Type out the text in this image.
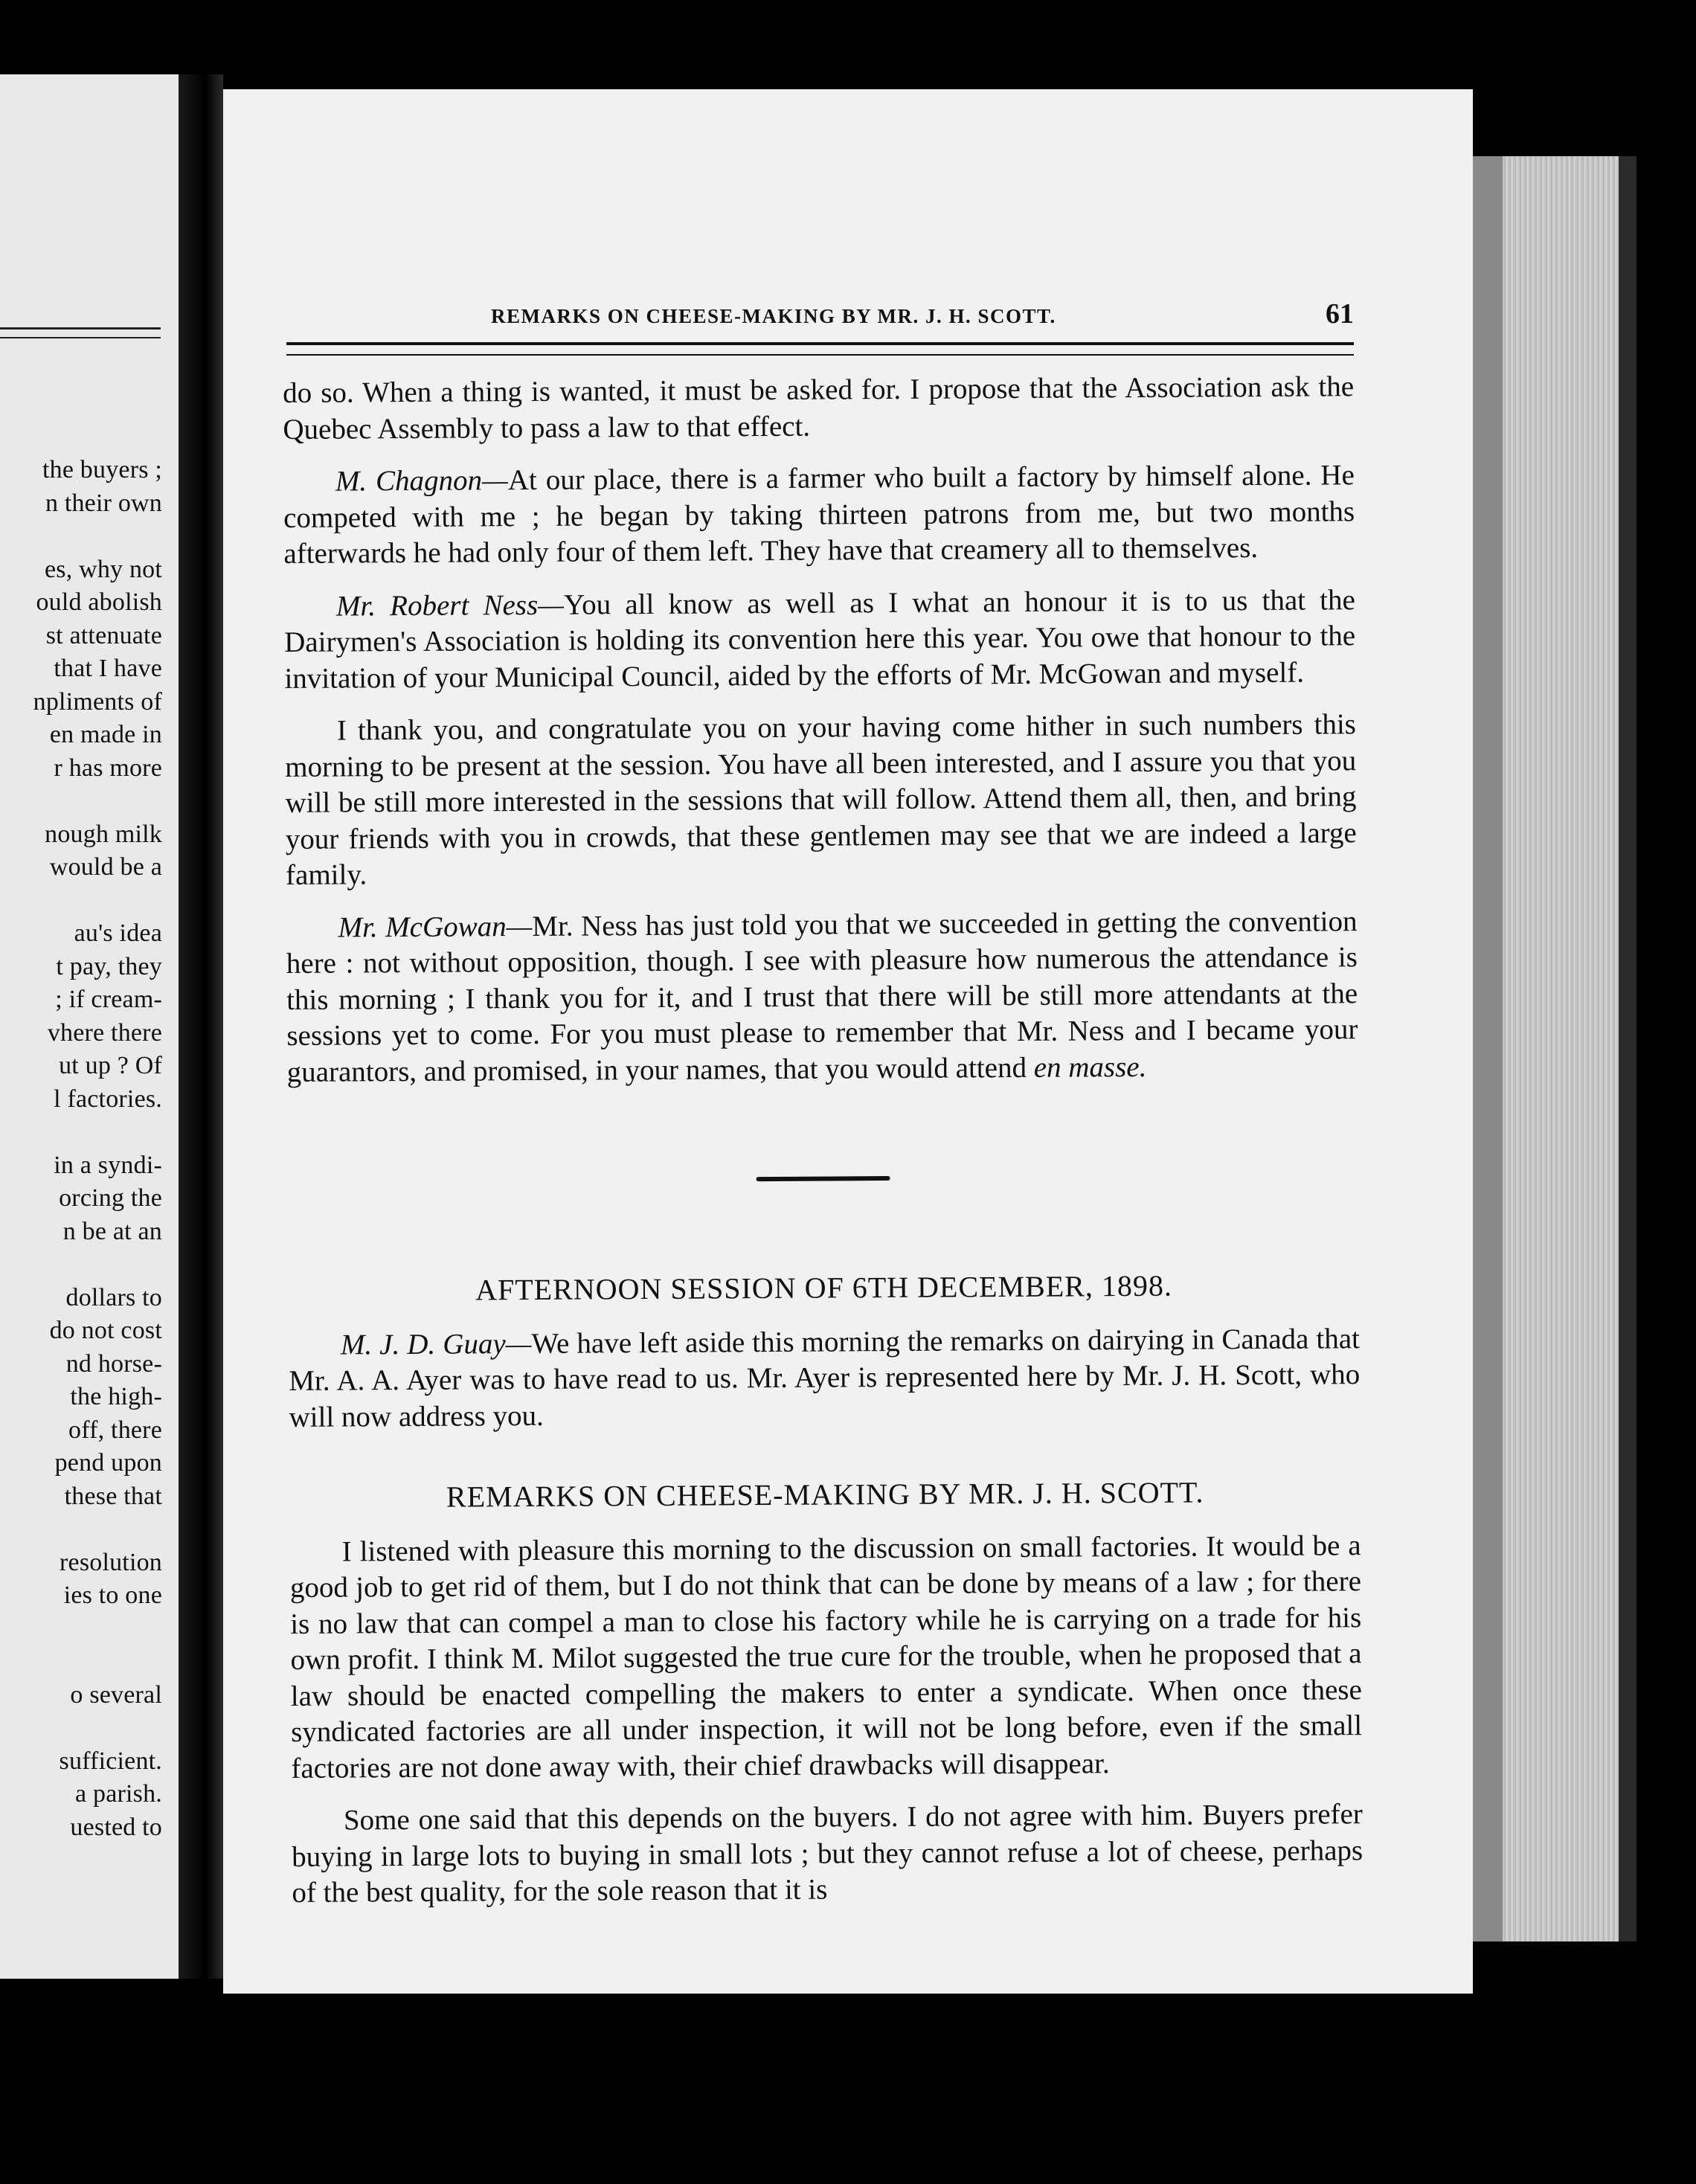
the buyers ;
n their own

es, why not
ould abolish
st attenuate
that I have
npliments of
en made in
r has more

nough milk
would be a

au's idea
t pay, they
; if cream-
vhere there
ut up ? Of
l factories.

in a syndi-
orcing the
n be at an

dollars to
do not cost
nd horse-
the high-
off, there
pend upon
these that

resolution
ies to one

o several

sufficient.
a parish.
uested to
REMARKS ON CHEESE-MAKING BY MR. J. H. SCOTT.	61

do so. When a thing is wanted, it must be asked for. I propose that the Association ask the Quebec Assembly to pass a law to that effect.

M. Chagnon—At our place, there is a farmer who built a factory by himself alone. He competed with me ; he began by taking thirteen patrons from me, but two months afterwards he had only four of them left. They have that creamery all to themselves.

Mr. Robert Ness—You all know as well as I what an honour it is to us that the Dairymen's Association is holding its convention here this year. You owe that honour to the invitation of your Municipal Council, aided by the efforts of Mr. McGowan and myself.

I thank you, and congratulate you on your having come hither in such numbers this morning to be present at the session. You have all been interested, and I assure you that you will be still more interested in the sessions that will follow. Attend them all, then, and bring your friends with you in crowds, that these gentlemen may see that we are indeed a large family.

Mr. McGowan—Mr. Ness has just told you that we succeeded in getting the convention here : not without opposition, though. I see with pleasure how numerous the attendance is this morning ; I thank you for it, and I trust that there will be still more attendants at the sessions yet to come. For you must please to remember that Mr. Ness and I became your guarantors, and promised, in your names, that you would attend en masse.

AFTERNOON SESSION OF 6TH DECEMBER, 1898.

M. J. D. Guay—We have left aside this morning the remarks on dairying in Canada that Mr. A. A. Ayer was to have read to us. Mr. Ayer is represented here by Mr. J. H. Scott, who will now address you.

REMARKS ON CHEESE-MAKING BY MR. J. H. SCOTT.

I listened with pleasure this morning to the discussion on small factories. It would be a good job to get rid of them, but I do not think that can be done by means of a law ; for there is no law that can compel a man to close his factory while he is carrying on a trade for his own profit. I think M. Milot suggested the true cure for the trouble, when he proposed that a law should be enacted compelling the makers to enter a syndicate. When once these syndicated factories are all under inspection, it will not be long before, even if the small factories are not done away with, their chief drawbacks will disappear.

Some one said that this depends on the buyers. I do not agree with him. Buyers prefer buying in large lots to buying in small lots ; but they cannot refuse a lot of cheese, perhaps of the best quality, for the sole reason that it is
